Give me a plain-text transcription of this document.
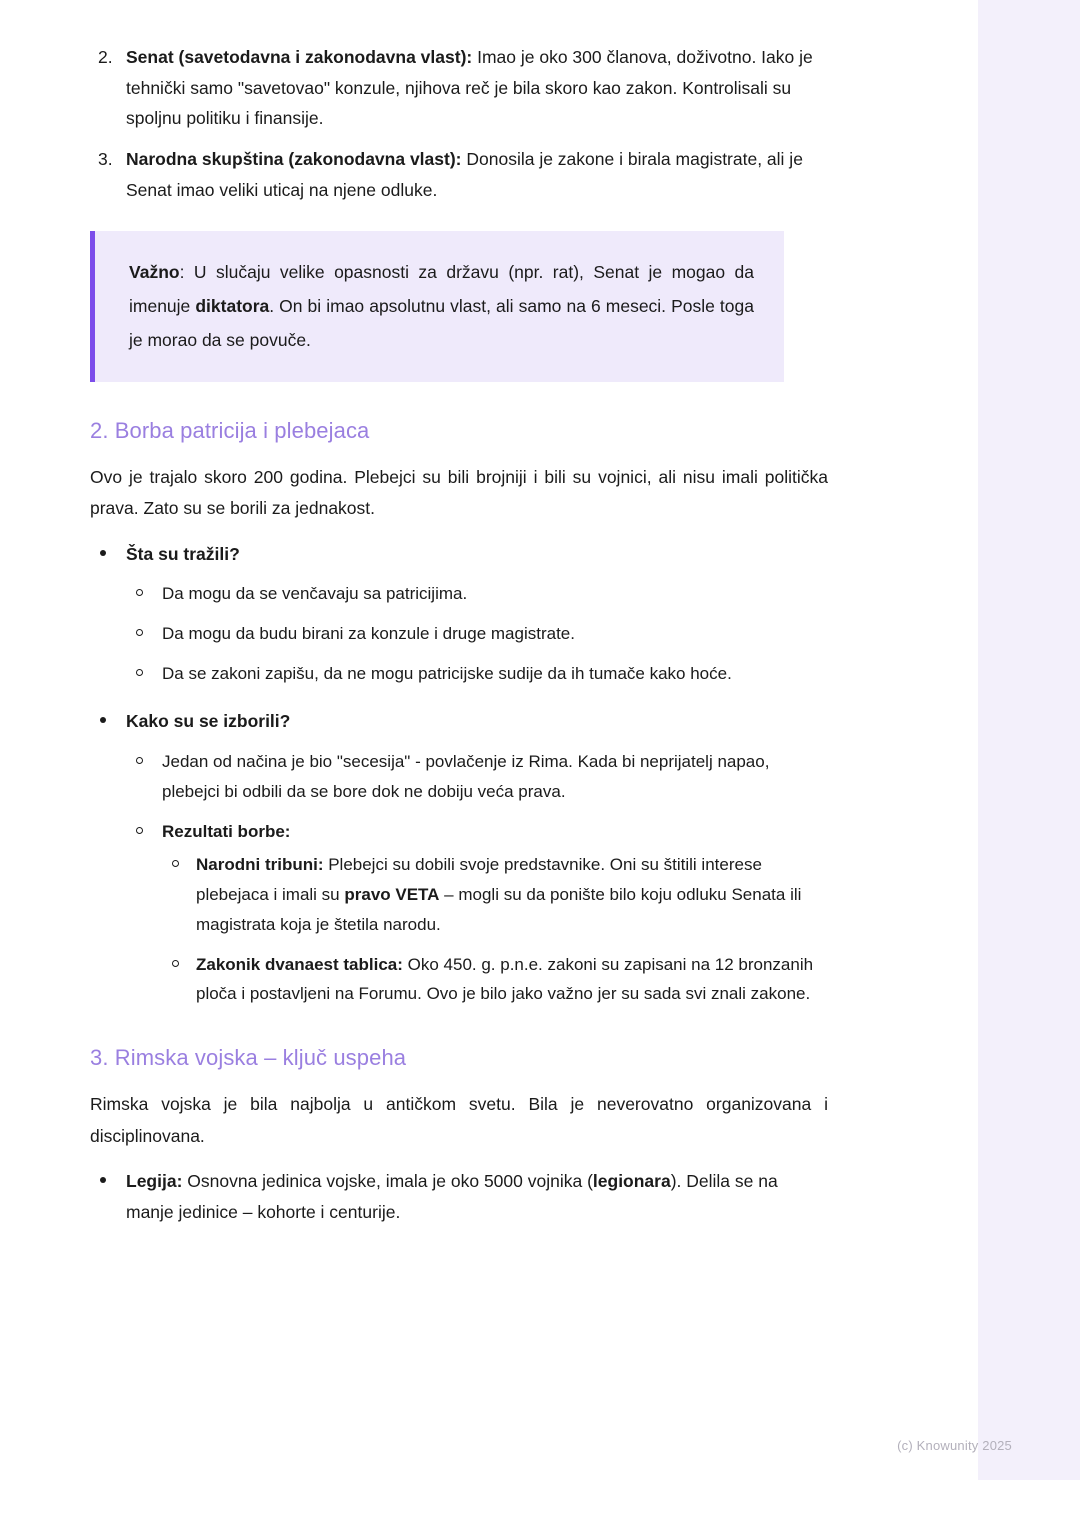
2. Senat (savetodavna i zakonodavna vlast): Imao je oko 300 članova, doživotno. Iako je tehnički samo "savetovao" konzule, njihova reč je bila skoro kao zakon. Kontrolisali su spoljnu politiku i finansije.
3. Narodna skupština (zakonodavna vlast): Donosila je zakone i birala magistrate, ali je Senat imao veliki uticaj na njene odluke.

Važno: U slučaju velike opasnosti za državu (npr. rat), Senat je mogao da imenuje diktatora. On bi imao apsolutnu vlast, ali samo na 6 meseci. Posle toga je morao da se povuče.

2. Borba patricija i plebejaca

Ovo je trajalo skoro 200 godina. Plebejci su bili brojniji i bili su vojnici, ali nisu imali politička prava. Zato su se borili za jednakost.

Šta su tražili?
Da mogu da se venčavaju sa patricijima.
Da mogu da budu birani za konzule i druge magistrate.
Da se zakoni zapišu, da ne mogu patricijske sudije da ih tumače kako hoće.
Kako su se izborili?
Jedan od načina je bio "secesija" - povlačenje iz Rima. Kada bi neprijatelj napao, plebejci bi odbili da se bore dok ne dobiju veća prava.
Rezultati borbe:
Narodni tribuni: Plebejci su dobili svoje predstavnike. Oni su štitili interese plebejaca i imali su pravo VETA – mogli su da ponište bilo koju odluku Senata ili magistrata koja je štetila narodu.
Zakonik dvanaest tablica: Oko 450. g. p.n.e. zakoni su zapisani na 12 bronzanih ploča i postavljeni na Forumu. Ovo je bilo jako važno jer su sada svi znali zakone.
3. Rimska vojska – ključ uspeha

Rimska vojska je bila najbolja u antičkom svetu. Bila je neverovatno organizovana i disciplinovana.

Legija: Osnovna jedinica vojske, imala je oko 5000 vojnika (legionara). Delila se na manje jedinice – kohorte i centurije.
(c) Knowunity 2025
